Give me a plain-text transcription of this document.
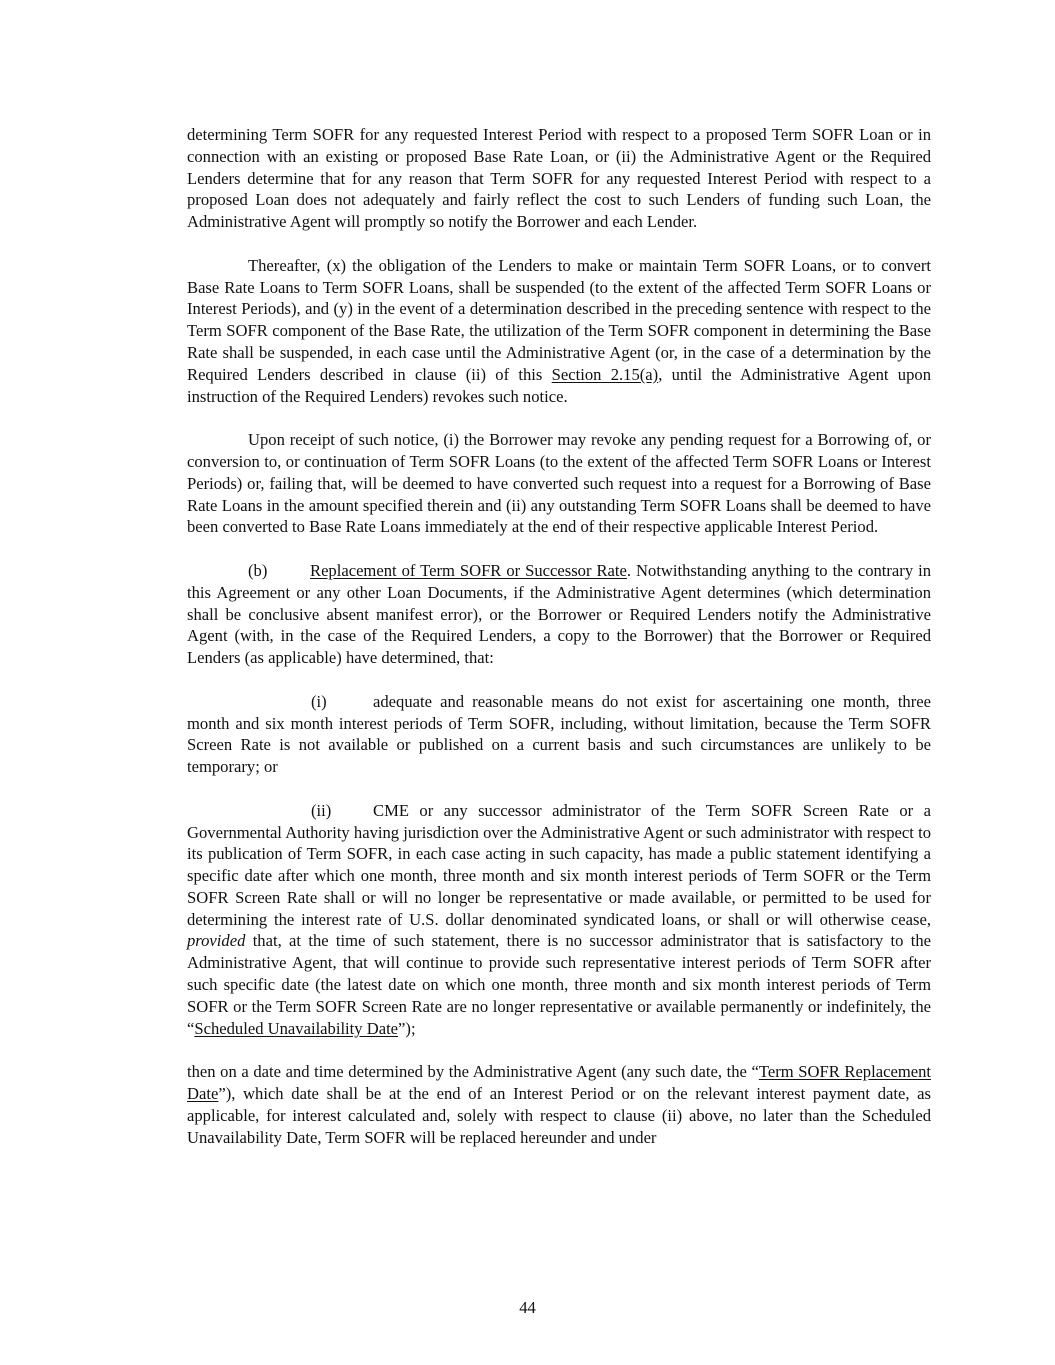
determining Term SOFR for any requested Interest Period with respect to a proposed Term SOFR Loan or in connection with an existing or proposed Base Rate Loan, or (ii) the Administrative Agent or the Required Lenders determine that for any reason that Term SOFR for any requested Interest Period with respect to a proposed Loan does not adequately and fairly reflect the cost to such Lenders of funding such Loan, the Administrative Agent will promptly so notify the Borrower and each Lender.

Thereafter, (x) the obligation of the Lenders to make or maintain Term SOFR Loans, or to convert Base Rate Loans to Term SOFR Loans, shall be suspended (to the extent of the affected Term SOFR Loans or Interest Periods), and (y) in the event of a determination described in the preceding sentence with respect to the Term SOFR component of the Base Rate, the utilization of the Term SOFR component in determining the Base Rate shall be suspended, in each case until the Administrative Agent (or, in the case of a determination by the Required Lenders described in clause (ii) of this Section 2.15(a), until the Administrative Agent upon instruction of the Required Lenders) revokes such notice.

Upon receipt of such notice, (i) the Borrower may revoke any pending request for a Borrowing of, or conversion to, or continuation of Term SOFR Loans (to the extent of the affected Term SOFR Loans or Interest Periods) or, failing that, will be deemed to have converted such request into a request for a Borrowing of Base Rate Loans in the amount specified therein and (ii) any outstanding Term SOFR Loans shall be deemed to have been converted to Base Rate Loans immediately at the end of their respective applicable Interest Period.

(b)	Replacement of Term SOFR or Successor Rate. Notwithstanding anything to the contrary in this Agreement or any other Loan Documents, if the Administrative Agent determines (which determination shall be conclusive absent manifest error), or the Borrower or Required Lenders notify the Administrative Agent (with, in the case of the Required Lenders, a copy to the Borrower) that the Borrower or Required Lenders (as applicable) have determined, that:

(i)	adequate and reasonable means do not exist for ascertaining one month, three month and six month interest periods of Term SOFR, including, without limitation, because the Term SOFR Screen Rate is not available or published on a current basis and such circumstances are unlikely to be temporary; or

(ii)	CME or any successor administrator of the Term SOFR Screen Rate or a Governmental Authority having jurisdiction over the Administrative Agent or such administrator with respect to its publication of Term SOFR, in each case acting in such capacity, has made a public statement identifying a specific date after which one month, three month and six month interest periods of Term SOFR or the Term SOFR Screen Rate shall or will no longer be representative or made available, or permitted to be used for determining the interest rate of U.S. dollar denominated syndicated loans, or shall or will otherwise cease, provided that, at the time of such statement, there is no successor administrator that is satisfactory to the Administrative Agent, that will continue to provide such representative interest periods of Term SOFR after such specific date (the latest date on which one month, three month and six month interest periods of Term SOFR or the Term SOFR Screen Rate are no longer representative or available permanently or indefinitely, the “Scheduled Unavailability Date”);

then on a date and time determined by the Administrative Agent (any such date, the “Term SOFR Replacement Date”), which date shall be at the end of an Interest Period or on the relevant interest payment date, as applicable, for interest calculated and, solely with respect to clause (ii) above, no later than the Scheduled Unavailability Date, Term SOFR will be replaced hereunder and under

44
